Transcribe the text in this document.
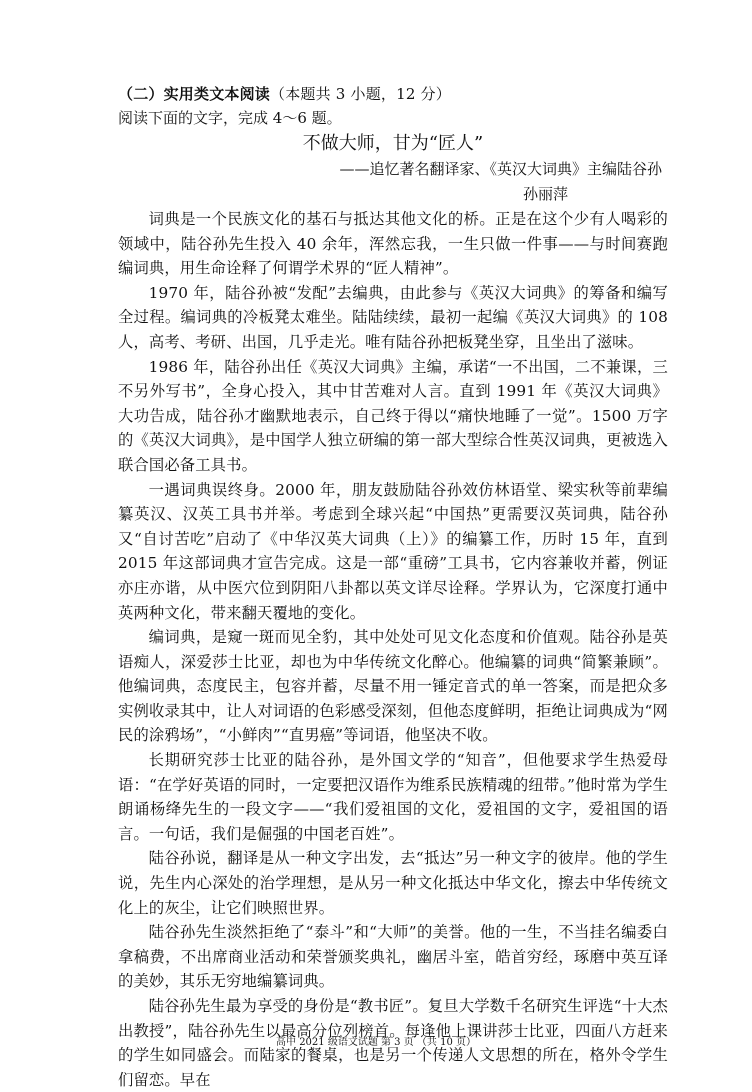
（二）实用类文本阅读（本题共 3 小题，12 分）
阅读下面的文字，完成 4～6 题。
不做大师，甘为“匠人”
——追忆著名翻译家、《英汉大词典》主编陆谷孙
孙丽萍

词典是一个民族文化的基石与抵达其他文化的桥。正是在这个少有人喝彩的领域中，陆谷孙先生投入 40 余年，浑然忘我，一生只做一件事——与时间赛跑编词典，用生命诠释了何谓学术界的“匠人精神”。

1970 年，陆谷孙被“发配”去编典，由此参与《英汉大词典》的筹备和编写全过程。编词典的冷板凳太难坐。陆陆续续，最初一起编《英汉大词典》的 108 人，高考、考研、出国，几乎走光。唯有陆谷孙把板凳坐穿，且坐出了滋味。

1986 年，陆谷孙出任《英汉大词典》主编，承诺“一不出国，二不兼课，三不另外写书”，全身心投入，其中甘苦难对人言。直到 1991 年《英汉大词典》大功告成，陆谷孙才幽默地表示，自己终于得以“痛快地睡了一觉”。1500 万字的《英汉大词典》，是中国学人独立研编的第一部大型综合性英汉词典，更被选入联合国必备工具书。

一遇词典误终身。2000 年，朋友鼓励陆谷孙效仿林语堂、梁实秋等前辈编纂英汉、汉英工具书并举。考虑到全球兴起“中国热”更需要汉英词典，陆谷孙又“自讨苦吃”启动了《中华汉英大词典（上）》的编纂工作，历时 15 年，直到 2015 年这部词典才宣告完成。这是一部“重磅”工具书，它内容兼收并蓄，例证亦庄亦谐，从中医穴位到阴阳八卦都以英文详尽诠释。学界认为，它深度打通中英两种文化，带来翻天覆地的变化。

编词典，是窥一斑而见全豹，其中处处可见文化态度和价值观。陆谷孙是英语痴人，深爱莎士比亚，却也为中华传统文化醉心。他编纂的词典“简繁兼顾”。他编词典，态度民主，包容并蓄，尽量不用一锤定音式的单一答案，而是把众多实例收录其中，让人对词语的色彩感受深刻，但他态度鲜明，拒绝让词典成为“网民的涂鸦场”，“小鲜肉”“直男癌”等词语，他坚决不收。

长期研究莎士比亚的陆谷孙，是外国文学的“知音”，但他要求学生热爱母语：“在学好英语的同时，一定要把汉语作为维系民族精魂的纽带。”他时常为学生朗诵杨绛先生的一段文字——“我们爱祖国的文化，爱祖国的文字，爱祖国的语言。一句话，我们是倔强的中国老百姓”。

陆谷孙说，翻译是从一种文字出发，去“抵达”另一种文字的彼岸。他的学生说，先生内心深处的治学理想，是从另一种文化抵达中华文化，擦去中华传统文化上的灰尘，让它们映照世界。

陆谷孙先生淡然拒绝了“泰斗”和“大师”的美誉。他的一生，不当挂名编委白拿稿费，不出席商业活动和荣誉颁奖典礼，幽居斗室，皓首穷经，琢磨中英互译的美妙，其乐无穷地编纂词典。

陆谷孙先生最为享受的身份是“教书匠”。复旦大学数千名研究生评选“十大杰出教授”，陆谷孙先生以最高分位列榜首。每逢他上课讲莎士比亚，四面八方赶来的学生如同盛会。而陆家的餐桌，也是另一个传递人文思想的所在，格外令学生们留恋。早在

高中 2021 级语文试题 第 3 页 （共 10 页）
